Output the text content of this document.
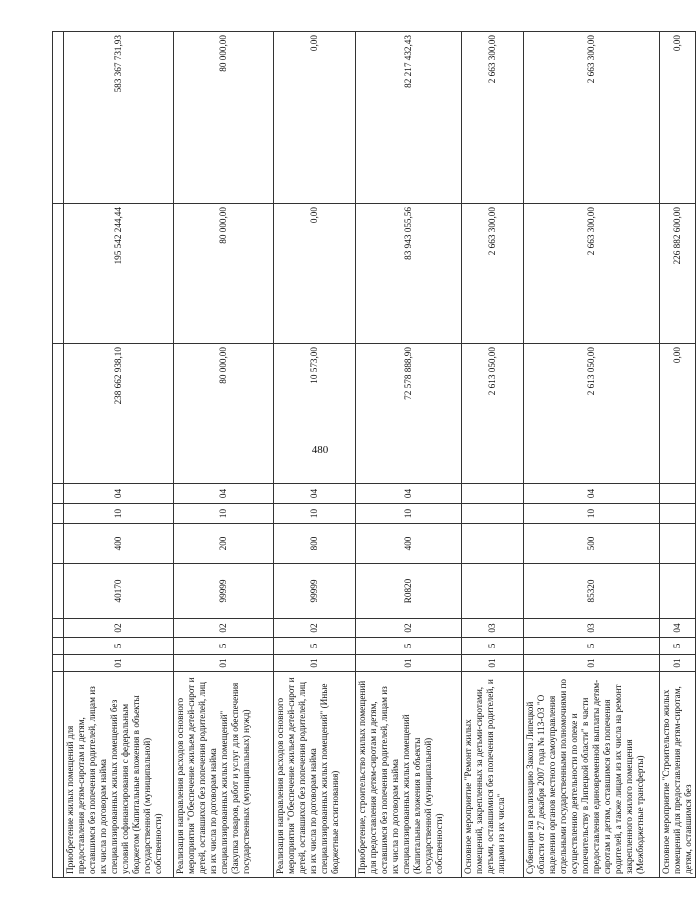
480

Приобретение жилых помещений для предоставления детям-сиротам и детям, оставшимся без попечения родителей, лицам из их числа по договорам найма специализированных жилых помещений без условий софинансирования с федеральным бюджетом (Капитальные вложения в объекты государственной (муниципальной) собственности)	01	5	02	40170	400	10	04	238 662 938,10	195 542 244,44	583 367 731,93
Реализация направления расходов основного мероприятия "Обеспечение жильем детей-сирот и детей, оставшихся без попечения родителей, лиц из их числа по договорам найма специализированных жилых помещений" (Закупка товаров, работ и услуг для обеспечения государственных (муниципальных) нужд)	01	5	02	99999	200	10	04	80 000,00	80 000,00	80 000,00
Реализация направления расходов основного мероприятия "Обеспечение жильем детей-сирот и детей, оставшихся без попечения родителей, лиц из их числа по договорам найма специализированных жилых помещений" (Иные бюджетные ассигнования)	01	5	02	99999	800	10	04	10 573,00	0,00	0,00
Приобретение, строительство жилых помещений для предоставления детям-сиротам и детям, оставшимся без попечения родителей, лицам из их числа по договорам найма специализированных жилых помещений (Капитальные вложения в объекты государственной (муниципальной) собственности)	01	5	02	R0820	400	10	04	72 578 888,90	83 943 055,56	82 217 432,43
Основное мероприятие "Ремонт жилых помещений, закрепленных за детьми-сиротами, детьми, оставшимися без попечения родителей, и лицами из их числа"	01	5	03					2 613 050,00	2 663 300,00	2 663 300,00
Субвенция на реализацию Закона Липецкой области от 27 декабря 2007 года № 113-ОЗ "О наделении органов местного самоуправления отдельными государственными полномочиями по осуществлению деятельности по опеке и попечительству в Липецкой области" в части предоставления единовременной выплаты детям-сиротам и детям, оставшимся без попечения родителей, а также лицам из их числа на ремонт закрепленного жилого помещения (Межбюджетные трансферты)	01	5	03	85320	500	10	04	2 613 050,00	2 663 300,00	2 663 300,00
Основное мероприятие "Строительство жилых помещений для предоставления детям-сиротам, детям, оставшимся без	01	5	04					0,00	226 882 600,00	0,00
